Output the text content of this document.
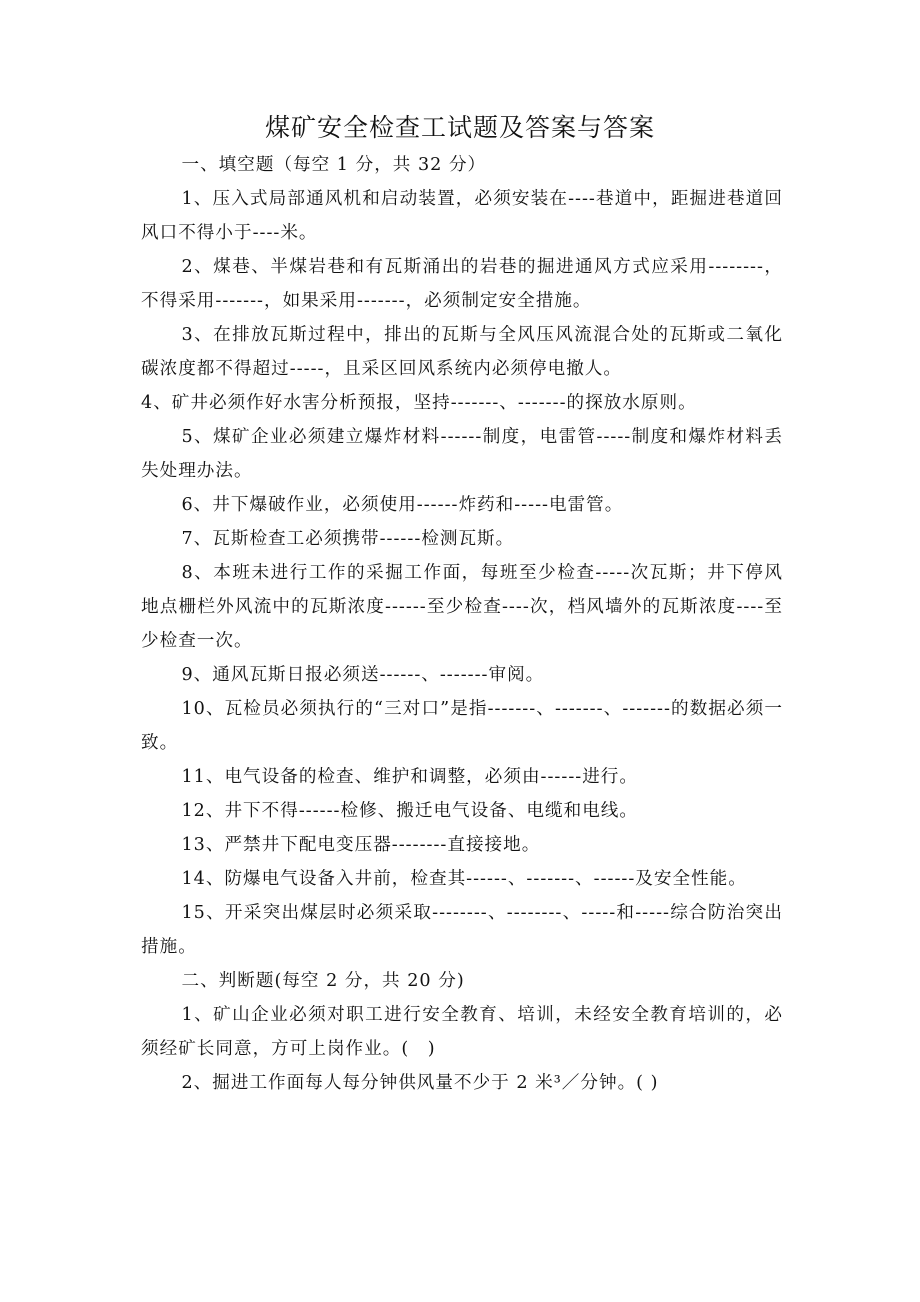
煤矿安全检查工试题及答案与答案

一、填空题（每空 1 分，共 32 分）

1、压入式局部通风机和启动装置，必须安装在----巷道中，距掘进巷道回风口不得小于----米。

2、煤巷、半煤岩巷和有瓦斯涌出的岩巷的掘进通风方式应采用--------，不得采用-------，如果采用-------，必须制定安全措施。

3、在排放瓦斯过程中，排出的瓦斯与全风压风流混合处的瓦斯或二氧化碳浓度都不得超过-----，且采区回风系统内必须停电撤人。

4、矿井必须作好水害分析预报，坚持-------、-------的探放水原则。

5、煤矿企业必须建立爆炸材料------制度，电雷管-----制度和爆炸材料丢失处理办法。

6、井下爆破作业，必须使用------炸药和-----电雷管。

7、瓦斯检查工必须携带------检测瓦斯。

8、本班未进行工作的采掘工作面，每班至少检查-----次瓦斯；井下停风地点栅栏外风流中的瓦斯浓度------至少检查----次，档风墙外的瓦斯浓度----至少检查一次。

9、通风瓦斯日报必须送------、-------审阅。

10、瓦检员必须执行的“三对口”是指-------、-------、-------的数据必须一致。

11、电气设备的检查、维护和调整，必须由------进行。

12、井下不得------检修、搬迁电气设备、电缆和电线。

13、严禁井下配电变压器--------直接接地。

14、防爆电气设备入井前，检查其------、-------、------及安全性能。

15、开采突出煤层时必须采取--------、--------、-----和-----综合防治突出措施。

二、判断题(每空 2 分，共 20 分)

1、矿山企业必须对职工进行安全教育、培训，未经安全教育培训的，必须经矿长同意，方可上岗作业。(　)

2、掘进工作面每人每分钟供风量不少于 2 米³／分钟。( )
